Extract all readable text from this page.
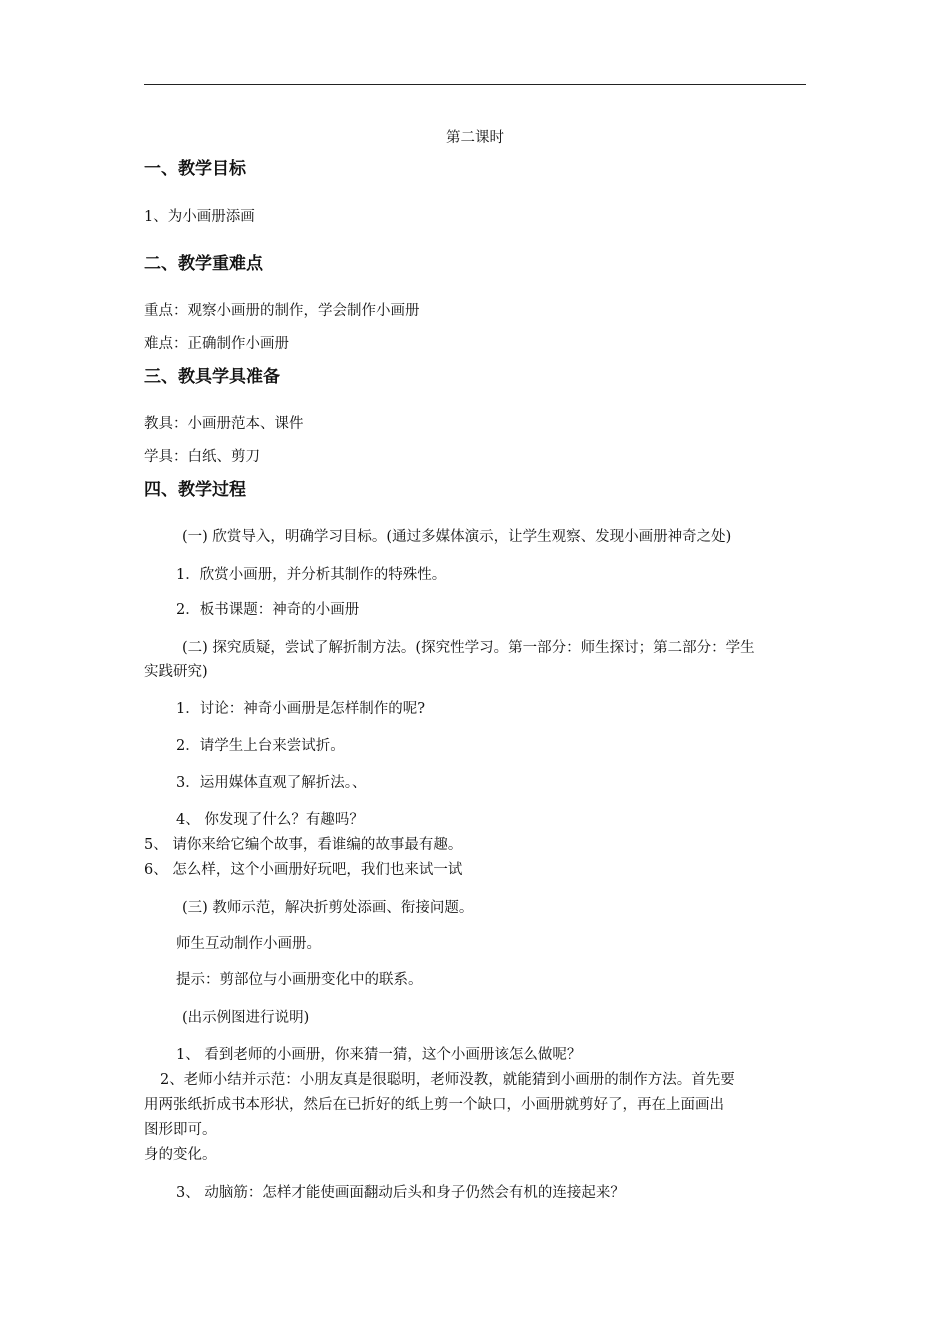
第二课时
一、教学目标
1、为小画册添画
二、教学重难点
重点：观察小画册的制作，学会制作小画册
难点：正确制作小画册
三、教具学具准备
教具：小画册范本、课件
学具：白纸、剪刀
四、教学过程
(一) 欣赏导入，明确学习目标。(通过多媒体演示，让学生观察、发现小画册神奇之处)
1．欣赏小画册，并分析其制作的特殊性。
2．板书课题：神奇的小画册
(二) 探究质疑，尝试了解折制方法。(探究性学习。第一部分：师生探讨；第二部分：学生
实践研究)
1．讨论：神奇小画册是怎样制作的呢?
2．请学生上台来尝试折。
3．运用媒体直观了解折法。、
4、 你发现了什么？有趣吗？
5、 请你来给它编个故事，看谁编的故事最有趣。
6、 怎么样，这个小画册好玩吧，我们也来试一试
(三) 教师示范，解决折剪处添画、衔接问题。
师生互动制作小画册。
提示：剪部位与小画册变化中的联系。
(出示例图进行说明)
1、 看到老师的小画册，你来猜一猜，这个小画册该怎么做呢？
2、老师小结并示范：小朋友真是很聪明，老师没教，就能猜到小画册的制作方法。首先要
用两张纸折成书本形状，然后在已折好的纸上剪一个缺口，小画册就剪好了，再在上面画出
图形即可。
身的变化。
3、 动脑筋：怎样才能使画面翻动后头和身子仍然会有机的连接起来？
